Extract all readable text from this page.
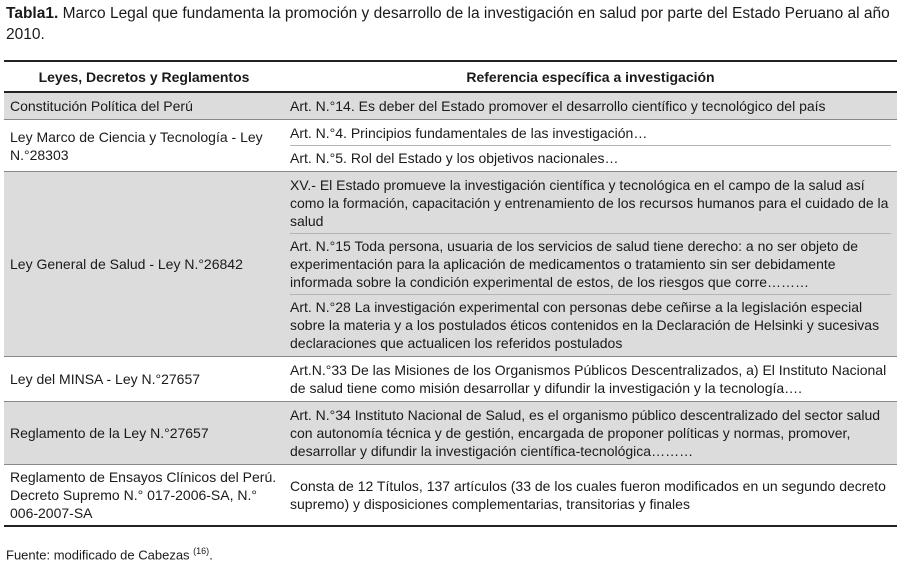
Tabla1. Marco Legal que fundamenta la promoción y desarrollo de la investigación en salud por parte del Estado Peruano al año 2010.
Leyes, Decretos y Reglamentos	Referencia específica a investigación
Constitución Política del Perú	Art. N.°14. Es deber del Estado promover el desarrollo científico y tecnológico del país

Ley Marco de Ciencia y Tecnología - Ley N.°28303	Art. N.°4. Principios fundamentales de las investigación…

Art. N.°5. Rol del Estado y los objetivos nacionales…

Ley General de Salud - Ley N.°26842	XV.- El Estado promueve la investigación científica y tecnológica en el campo de la salud así como la formación, capacitación y entrenamiento de los recursos humanos para el cuidado de la salud

Art. N.°15 Toda persona, usuaria de los servicios de salud tiene derecho: a no ser objeto de experimentación para la aplicación de medicamentos o tratamiento sin ser debidamente informada sobre la condición experimental de estos, de los riesgos que corre………

Art. N.°28 La investigación experimental con personas debe ceñirse a la legislación especial sobre la materia y a los postulados éticos contenidos en la Declaración de Helsinki y sucesivas declaraciones que actualicen los referidos postulados

Ley del MINSA - Ley N.°27657	Art.N.°33 De las Misiones de los Organismos Públicos Descentralizados, a) El Instituto Nacional de salud tiene como misión desarrollar y difundir la investigación y la tecnología….

Reglamento de la Ley N.°27657	Art. N.°34 Instituto Nacional de Salud, es el organismo público descentralizado del sector salud con autonomía técnica y de gestión, encargada de proponer políticas y normas, promover, desarrollar y difundir la investigación científica-tecnológica………

Reglamento de Ensayos Clínicos del Perú. Decreto Supremo N.° 017-2006-SA, N.° 006-2007-SA	Consta de 12 Títulos, 137 artículos (33 de los cuales fueron modificados en un segundo decreto supremo) y disposiciones complementarias, transitorias y finales

Fuente: modificado de Cabezas $^{(16)}$.
